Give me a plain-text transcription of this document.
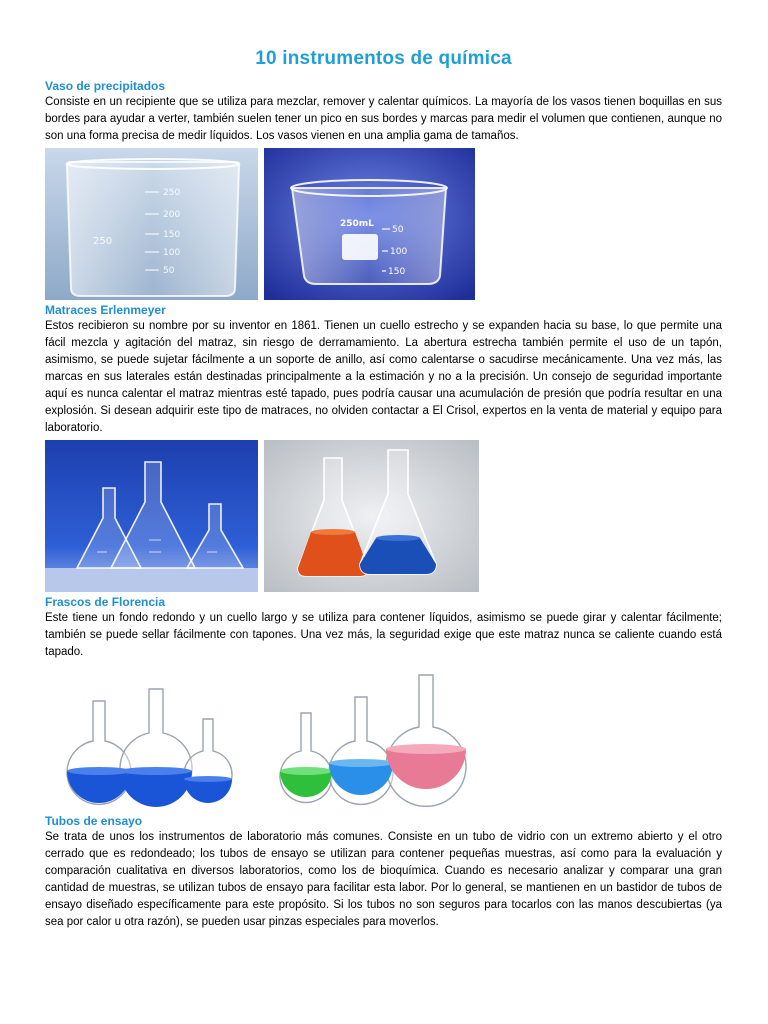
10 instrumentos de química
Vaso de precipitados

Consiste en un recipiente que se utiliza para mezclar, remover y calentar químicos. La mayoría de los vasos tienen boquillas en sus bordes para ayudar a verter, también suelen tener un pico en sus bordes y marcas para medir el volumen que contienen, aunque no son una forma precisa de medir líquidos. Los vasos vienen en una amplia gama de tamaños.

250
200
150
100
50
250
250mL
50
100
150
Matraces Erlenmeyer

Estos recibieron su nombre por su inventor en 1861. Tienen un cuello estrecho y se expanden hacia su base, lo que permite una fácil mezcla y agitación del matraz, sin riesgo de derramamiento. La abertura estrecha también permite el uso de un tapón, asimismo, se puede sujetar fácilmente a un soporte de anillo, así como calentarse o sacudirse mecánicamente. Una vez más, las marcas en sus laterales están destinadas principalmente a la estimación y no a la precisión. Un consejo de seguridad importante aquí es nunca calentar el matraz mientras esté tapado, pues podría causar una acumulación de presión que podría resultar en una explosión. Si desean adquirir este tipo de matraces, no olviden contactar a El Crisol, expertos en la venta de material y equipo para laboratorio.

Frascos de Florencia

Este tiene un fondo redondo y un cuello largo y se utiliza para contener líquidos, asimismo se puede girar y calentar fácilmente; también se puede sellar fácilmente con tapones. Una vez más, la seguridad exige que este matraz nunca se caliente cuando está tapado.

Tubos de ensayo

Se trata de unos los instrumentos de laboratorio más comunes. Consiste en un tubo de vidrio con un extremo abierto y el otro cerrado que es redondeado; los tubos de ensayo se utilizan para contener pequeñas muestras, así como para la evaluación y comparación cualitativa en diversos laboratorios, como los de bioquímica. Cuando es necesario analizar y comparar una gran cantidad de muestras, se utilizan tubos de ensayo para facilitar esta labor. Por lo general, se mantienen en un bastidor de tubos de ensayo diseñado específicamente para este propósito. Si los tubos no son seguros para tocarlos con las manos descubiertas (ya sea por calor u otra razón), se pueden usar pinzas especiales para moverlos.
